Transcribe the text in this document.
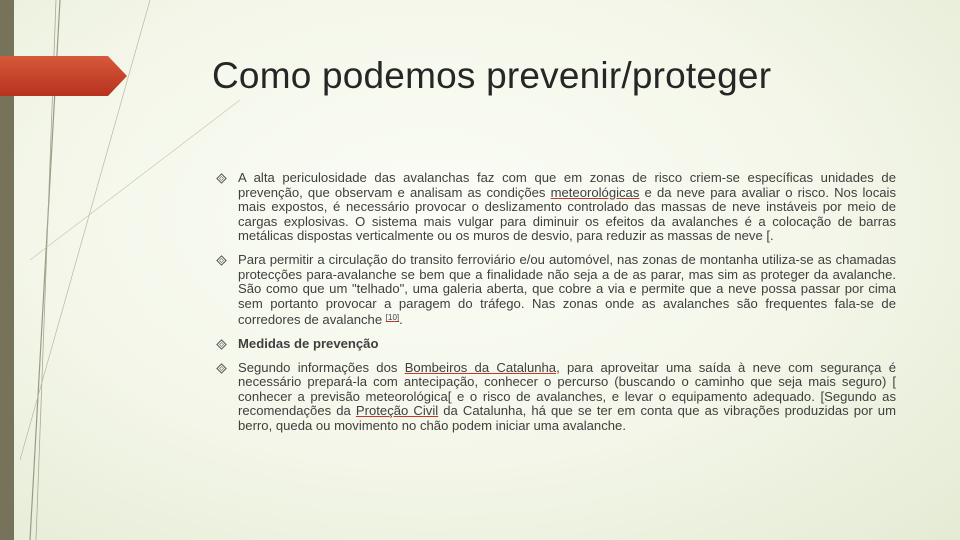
Como podemos prevenir/proteger
A alta periculosidade das avalanchas faz com que em zonas de risco criem-se específicas unidades de prevenção, que observam e analisam as condições meteorológicas e da neve para avaliar o risco. Nos locais mais expostos, é necessário provocar o deslizamento controlado das massas de neve instáveis por meio de cargas explosivas. O sistema mais vulgar para diminuir os efeitos da avalanches é a colocação de barras metálicas dispostas verticalmente ou os muros de desvio, para reduzir as massas de neve [.
Para permitir a circulação do transito ferroviário e/ou automóvel, nas zonas de montanha utiliza-se as chamadas protecções para-avalanche se bem que a finalidade não seja a de as parar, mas sim as proteger da avalanche. São como que um "telhado", uma galeria aberta, que cobre a via e permite que a neve possa passar por cima sem portanto provocar a paragem do tráfego. Nas zonas onde as avalanches são frequentes fala-se de corredores de avalanche [10].
Medidas de prevenção
Segundo informações dos Bombeiros da Catalunha, para aproveitar uma saída à neve com segurança é necessário prepará-la com antecipação, conhecer o percurso (buscando o caminho que seja mais seguro) [ conhecer a previsão meteorológica[ e o risco de avalanches, e levar o equipamento adequado. [Segundo as recomendações da Proteção Civil da Catalunha, há que se ter em conta que as vibrações produzidas por um berro, queda ou movimento no chão podem iniciar uma avalanche.
